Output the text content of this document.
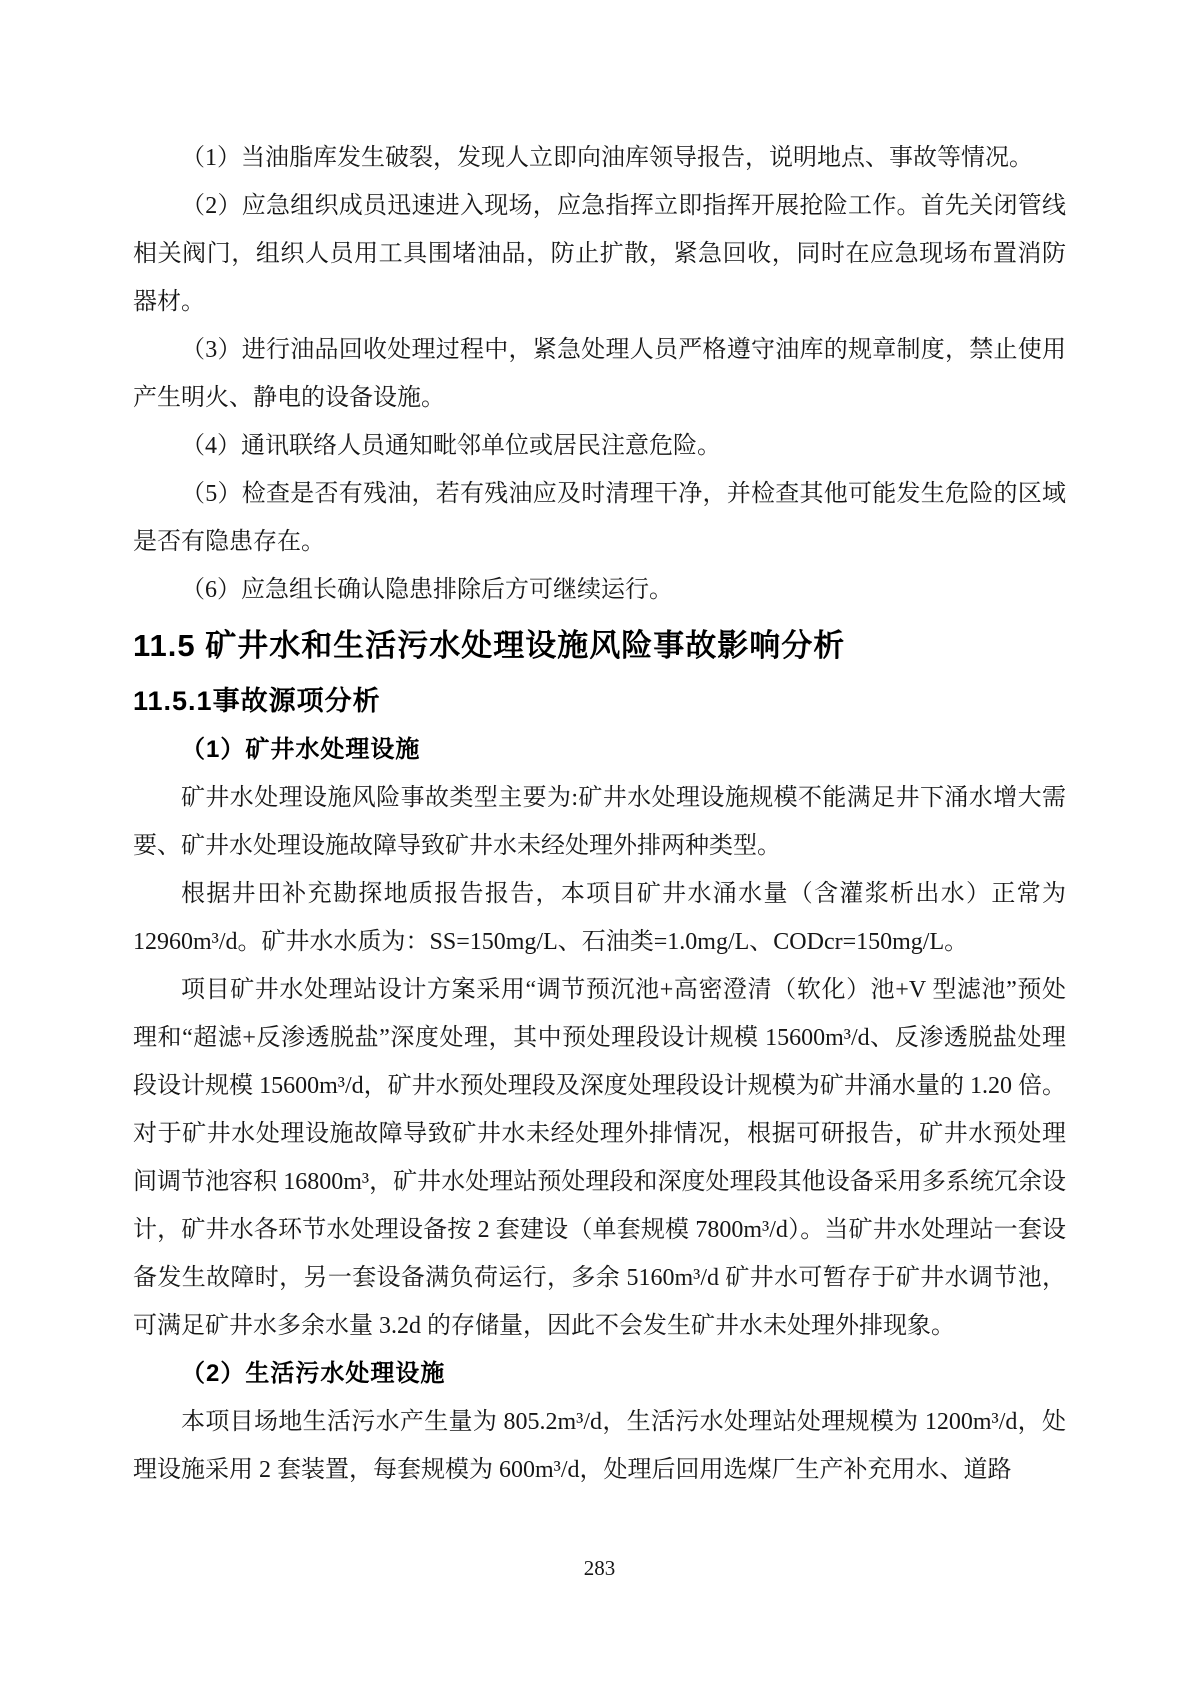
（1）当油脂库发生破裂，发现人立即向油库领导报告，说明地点、事故等情况。

（2）应急组织成员迅速进入现场，应急指挥立即指挥开展抢险工作。首先关闭管线相关阀门，组织人员用工具围堵油品，防止扩散，紧急回收，同时在应急现场布置消防器材。

（3）进行油品回收处理过程中，紧急处理人员严格遵守油库的规章制度，禁止使用 产生明火、静电的设备设施。

（4）通讯联络人员通知毗邻单位或居民注意危险。

（5）检查是否有残油，若有残油应及时清理干净，并检查其他可能发生危险的区域是否有隐患存在。

（6）应急组长确认隐患排除后方可继续运行。

11.5 矿井水和生活污水处理设施风险事故影响分析
11.5.1事故源项分析

（1）矿井水处理设施

矿井水处理设施风险事故类型主要为:矿井水处理设施规模不能满足井下涌水增大需要、矿井水处理设施故障导致矿井水未经处理外排两种类型。

根据井田补充勘探地质报告报告，本项目矿井水涌水量（含灌浆析出水）正常为12960m³/d。矿井水水质为：SS=150mg/L、石油类=1.0mg/L、CODcr=150mg/L。

项目矿井水处理站设计方案采用“调节预沉池+高密澄清（软化）池+V 型滤池”预处理和“超滤+反渗透脱盐”深度处理，其中预处理段设计规模 15600m³/d、反渗透脱盐处理段设计规模 15600m³/d，矿井水预处理段及深度处理段设计规模为矿井涌水量的 1.20 倍。对于矿井水处理设施故障导致矿井水未经处理外排情况，根据可研报告，矿井水预处理间调节池容积 16800m³，矿井水处理站预处理段和深度处理段其他设备采用多系统冗余设计，矿井水各环节水处理设备按 2 套建设（单套规模 7800m³/d）。当矿井水处理站一套设备发生故障时，另一套设备满负荷运行，多余 5160m³/d 矿井水可暂存于矿井水调节池，可满足矿井水多余水量 3.2d 的存储量，因此不会发生矿井水未处理外排现象。

（2）生活污水处理设施

本项目场地生活污水产生量为 805.2m³/d，生活污水处理站处理规模为 1200m³/d，处理设施采用 2 套装置，每套规模为 600m³/d，处理后回用选煤厂生产补充用水、道路

283
